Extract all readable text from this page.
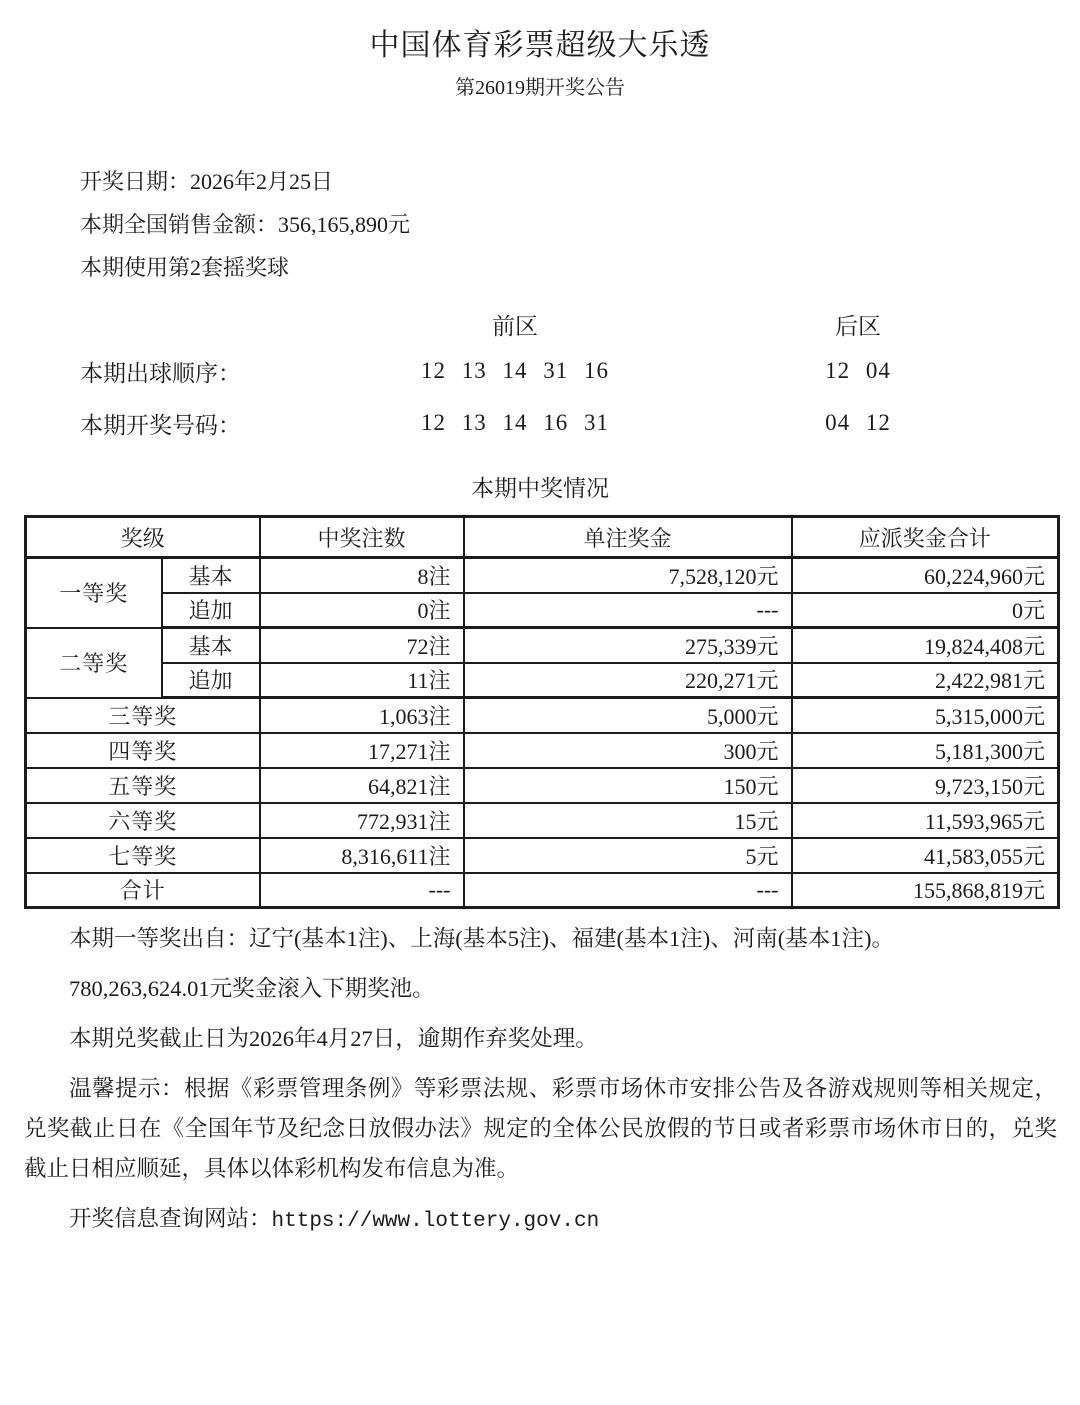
中国体育彩票超级大乐透
第26019期开奖公告
开奖日期：2026年2月25日
本期全国销售金额：356,165,890元
本期使用第2套摇奖球
前区	后区
本期出球顺序：	12 13 14 31 16	12 04
本期开奖号码：	12 13 14 16 31	04 12
本期中奖情况
奖级		中奖注数	单注奖金	应派奖金合计
一等奖	基本	8注	7,528,120元	60,224,960元
	追加	0注	---	0元
二等奖	基本	72注	275,339元	19,824,408元
	追加	11注	220,271元	2,422,981元
三等奖		1,063注	5,000元	5,315,000元
四等奖		17,271注	300元	5,181,300元
五等奖		64,821注	150元	9,723,150元
六等奖		772,931注	15元	11,593,965元
七等奖		8,316,611注	5元	41,583,055元
合计		---	---	155,868,819元

本期一等奖出自：辽宁(基本1注)、上海(基本5注)、福建(基本1注)、河南(基本1注)。

780,263,624.01元奖金滚入下期奖池。

本期兑奖截止日为2026年4月27日，逾期作弃奖处理。

温馨提示：根据《彩票管理条例》等彩票法规、彩票市场休市安排公告及各游戏规则等相关规定，兑奖截止日在《全国年节及纪念日放假办法》规定的全体公民放假的节日或者彩票市场休市日的，兑奖截止日相应顺延，具体以体彩机构发布信息为准。

开奖信息查询网站：https://www.lottery.gov.cn
